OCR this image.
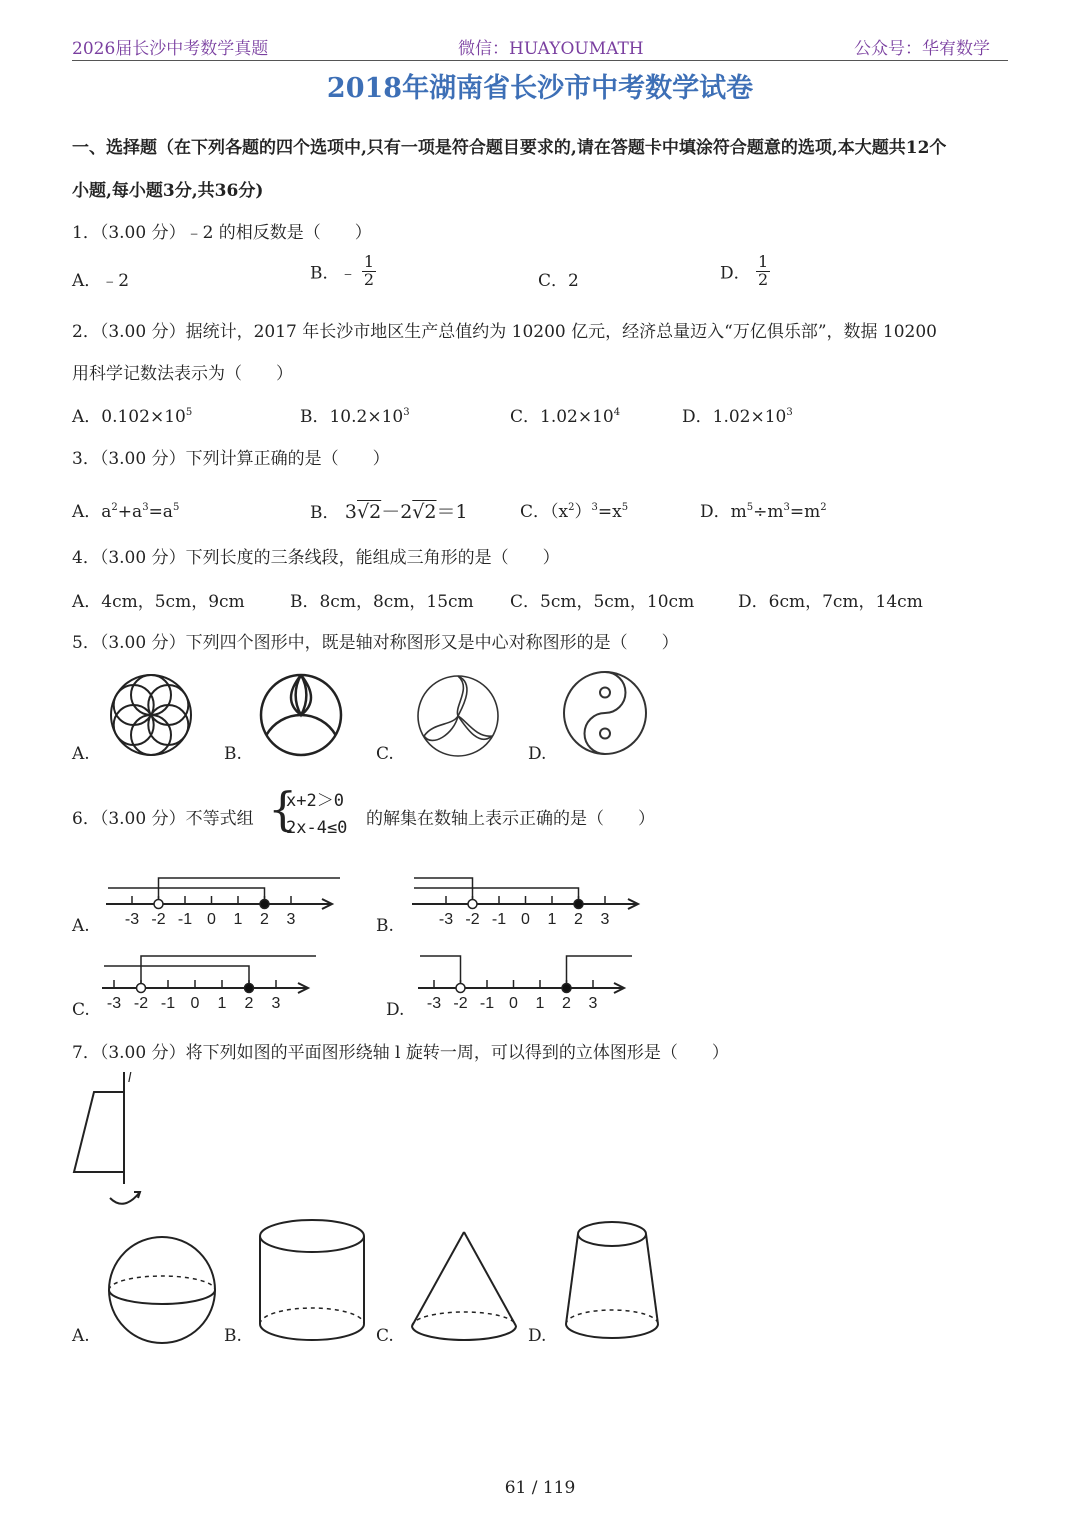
2026届长沙中考数学真题	微信：HUAYOUMATH	公众号：华宥数学
2018年湖南省长沙市中考数学试卷
一、选择题（在下列各题的四个选项中,只有一项是符合题目要求的,请在答题卡中填涂符合题意的选项,本大题共12个
小题,每小题3分,共36分)
1．（3.00 分）﹣2 的相反数是（　　）
A．﹣2	B．﹣ $\frac{1}{2}$	C．2	D． $\frac{1}{2}$
2．（3.00 分）据统计，2017 年长沙市地区生产总值约为 10200 亿元，经济总量迈入“万亿俱乐部”，数据 10200
用科学记数法表示为（　　）
A．$0.102\times 10^5$	B．$10.2\times 10^3$	C．$1.02\times 10^4$	D．$1.02\times 10^3$
3．（3.00 分）下列计算正确的是（　　）
A．$a^2+a^3=a^5$	B． 3√2－2√2＝1	C．$(x^2)^3=x^5$	D．$m^5\div m^3=m^2$
4．（3.00 分）下列长度的三条线段，能组成三角形的是（　　）
A．4cm，5cm，9cm	B．8cm，8cm，15cm C．5cm，5cm，10cm	D．6cm，7cm，14cm
5．（3.00 分）下列四个图形中，既是轴对称图形又是中心对称图形的是（　　）
A.	B.	C.	D.
6．（3.00 分）不等式组 {
x+2＞0
2x-4≤0 的解集在数轴上表示正确的是（　　）
A. -3 -2 -1 0 1 2 3	B.	-3 -2 -1 0 1 2 3
C. -3 -2 -1 0 1 2 3	D. -3 -2 -1 0 1 2 3
7．（3.00 分）将下列如图的平面图形绕轴 l 旋转一周，可以得到的立体图形是（　　）
l
A.	B.	C.	D.
61 / 119
